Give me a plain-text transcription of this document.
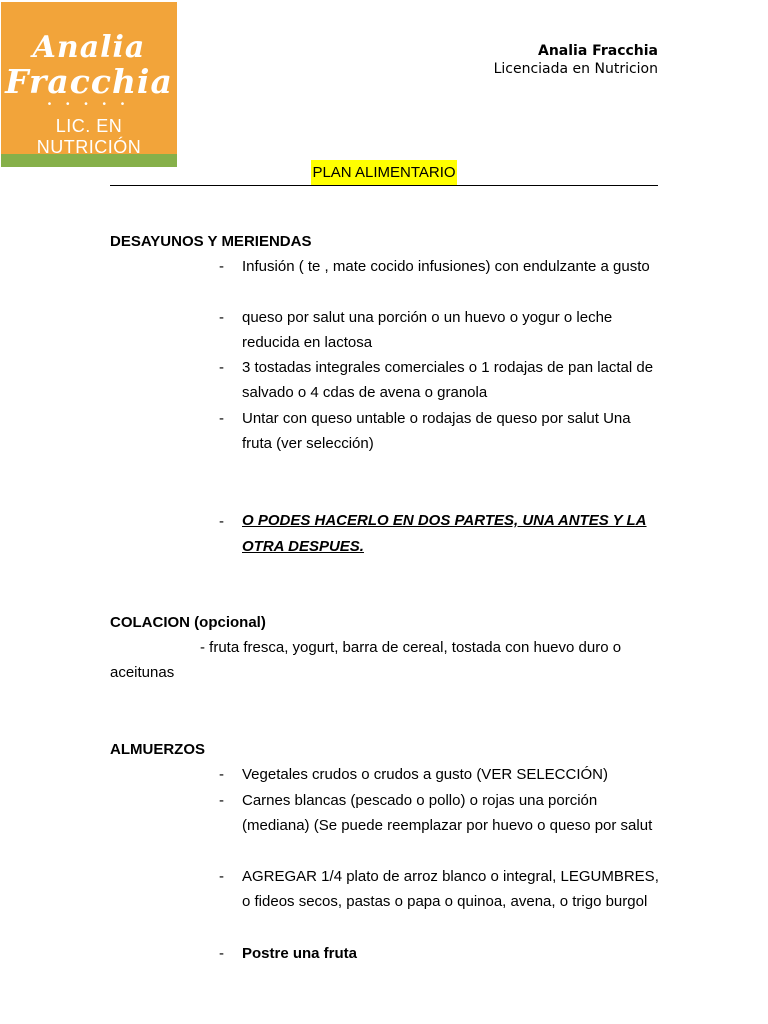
Analia
Fracchia
• • • • •
LIC. EN NUTRICIÓN
Analia Fracchia
Licenciada en Nutricion
PLAN ALIMENTARIO
DESAYUNOS Y MERIENDAS
- Infusión ( te , mate cocido infusiones) con endulzante a gusto
- queso por salut una porción o un huevo o yogur o leche reducida en lactosa
- 3 tostadas integrales comerciales o 1 rodajas de pan lactal de salvado o 4 cdas de avena o granola
- Untar con queso untable o rodajas de queso por salut Una fruta (ver selección)
- O PODES HACERLO EN DOS PARTES, UNA ANTES Y LA OTRA DESPUES.
COLACION (opcional)
- fruta fresca, yogurt, barra de cereal, tostada con huevo duro o
aceitunas
ALMUERZOS
- Vegetales crudos o crudos a gusto (VER SELECCIÓN)
- Carnes blancas (pescado o pollo) o rojas una porción (mediana) (Se puede reemplazar por huevo o queso por salut
- AGREGAR 1/4 plato de arroz blanco o integral, LEGUMBRES, o fideos secos, pastas o papa o quinoa, avena, o trigo burgol
- Postre una fruta
